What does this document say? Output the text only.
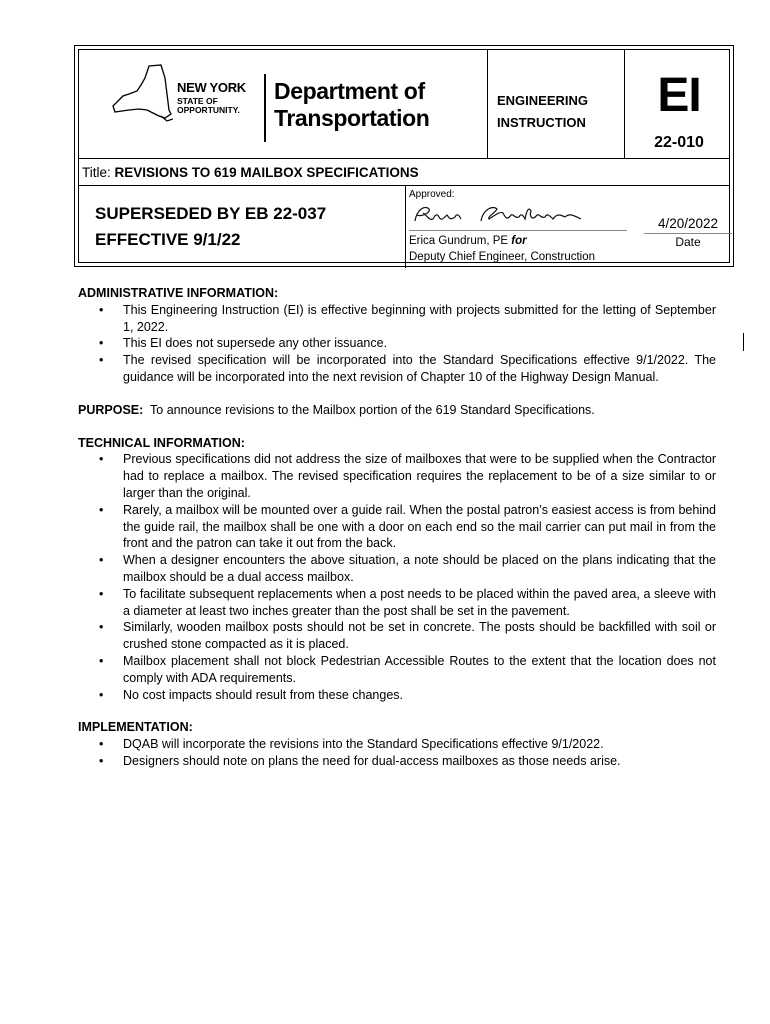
NEW YORK
STATE OF
OPPORTUNITY.
Department of
Transportation
ENGINEERING
INSTRUCTION
EI
22-010
Title: REVISIONS TO 619 MAILBOX SPECIFICATIONS
SUPERSEDED BY EB 22-037
EFFECTIVE 9/1/22
Approved:
Erica Gundrum, PE for
Deputy Chief Engineer, Construction
4/20/2022
Date
ADMINISTRATIVE INFORMATION:
• This Engineering Instruction (EI) is effective beginning with projects submitted for the letting of September 1, 2022.
• This EI does not supersede any other issuance.
• The revised specification will be incorporated into the Standard Specifications effective 9/1/2022. The guidance will be incorporated into the next revision of Chapter 10 of the Highway Design Manual.
PURPOSE: To announce revisions to the Mailbox portion of the 619 Standard Specifications.
TECHNICAL INFORMATION:
• Previous specifications did not address the size of mailboxes that were to be supplied when the Contractor had to replace a mailbox. The revised specification requires the replacement to be of a size similar to or larger than the original.
• Rarely, a mailbox will be mounted over a guide rail. When the postal patron’s easiest access is from behind the guide rail, the mailbox shall be one with a door on each end so the mail carrier can put mail in from the front and the patron can take it out from the back.
• When a designer encounters the above situation, a note should be placed on the plans indicating that the mailbox should be a dual access mailbox.
• To facilitate subsequent replacements when a post needs to be placed within the paved area, a sleeve with a diameter at least two inches greater than the post shall be set in the pavement.
• Similarly, wooden mailbox posts should not be set in concrete. The posts should be backfilled with soil or crushed stone compacted as it is placed.
• Mailbox placement shall not block Pedestrian Accessible Routes to the extent that the location does not comply with ADA requirements.
• No cost impacts should result from these changes.
IMPLEMENTATION:
• DQAB will incorporate the revisions into the Standard Specifications effective 9/1/2022.
• Designers should note on plans the need for dual-access mailboxes as those needs arise.
